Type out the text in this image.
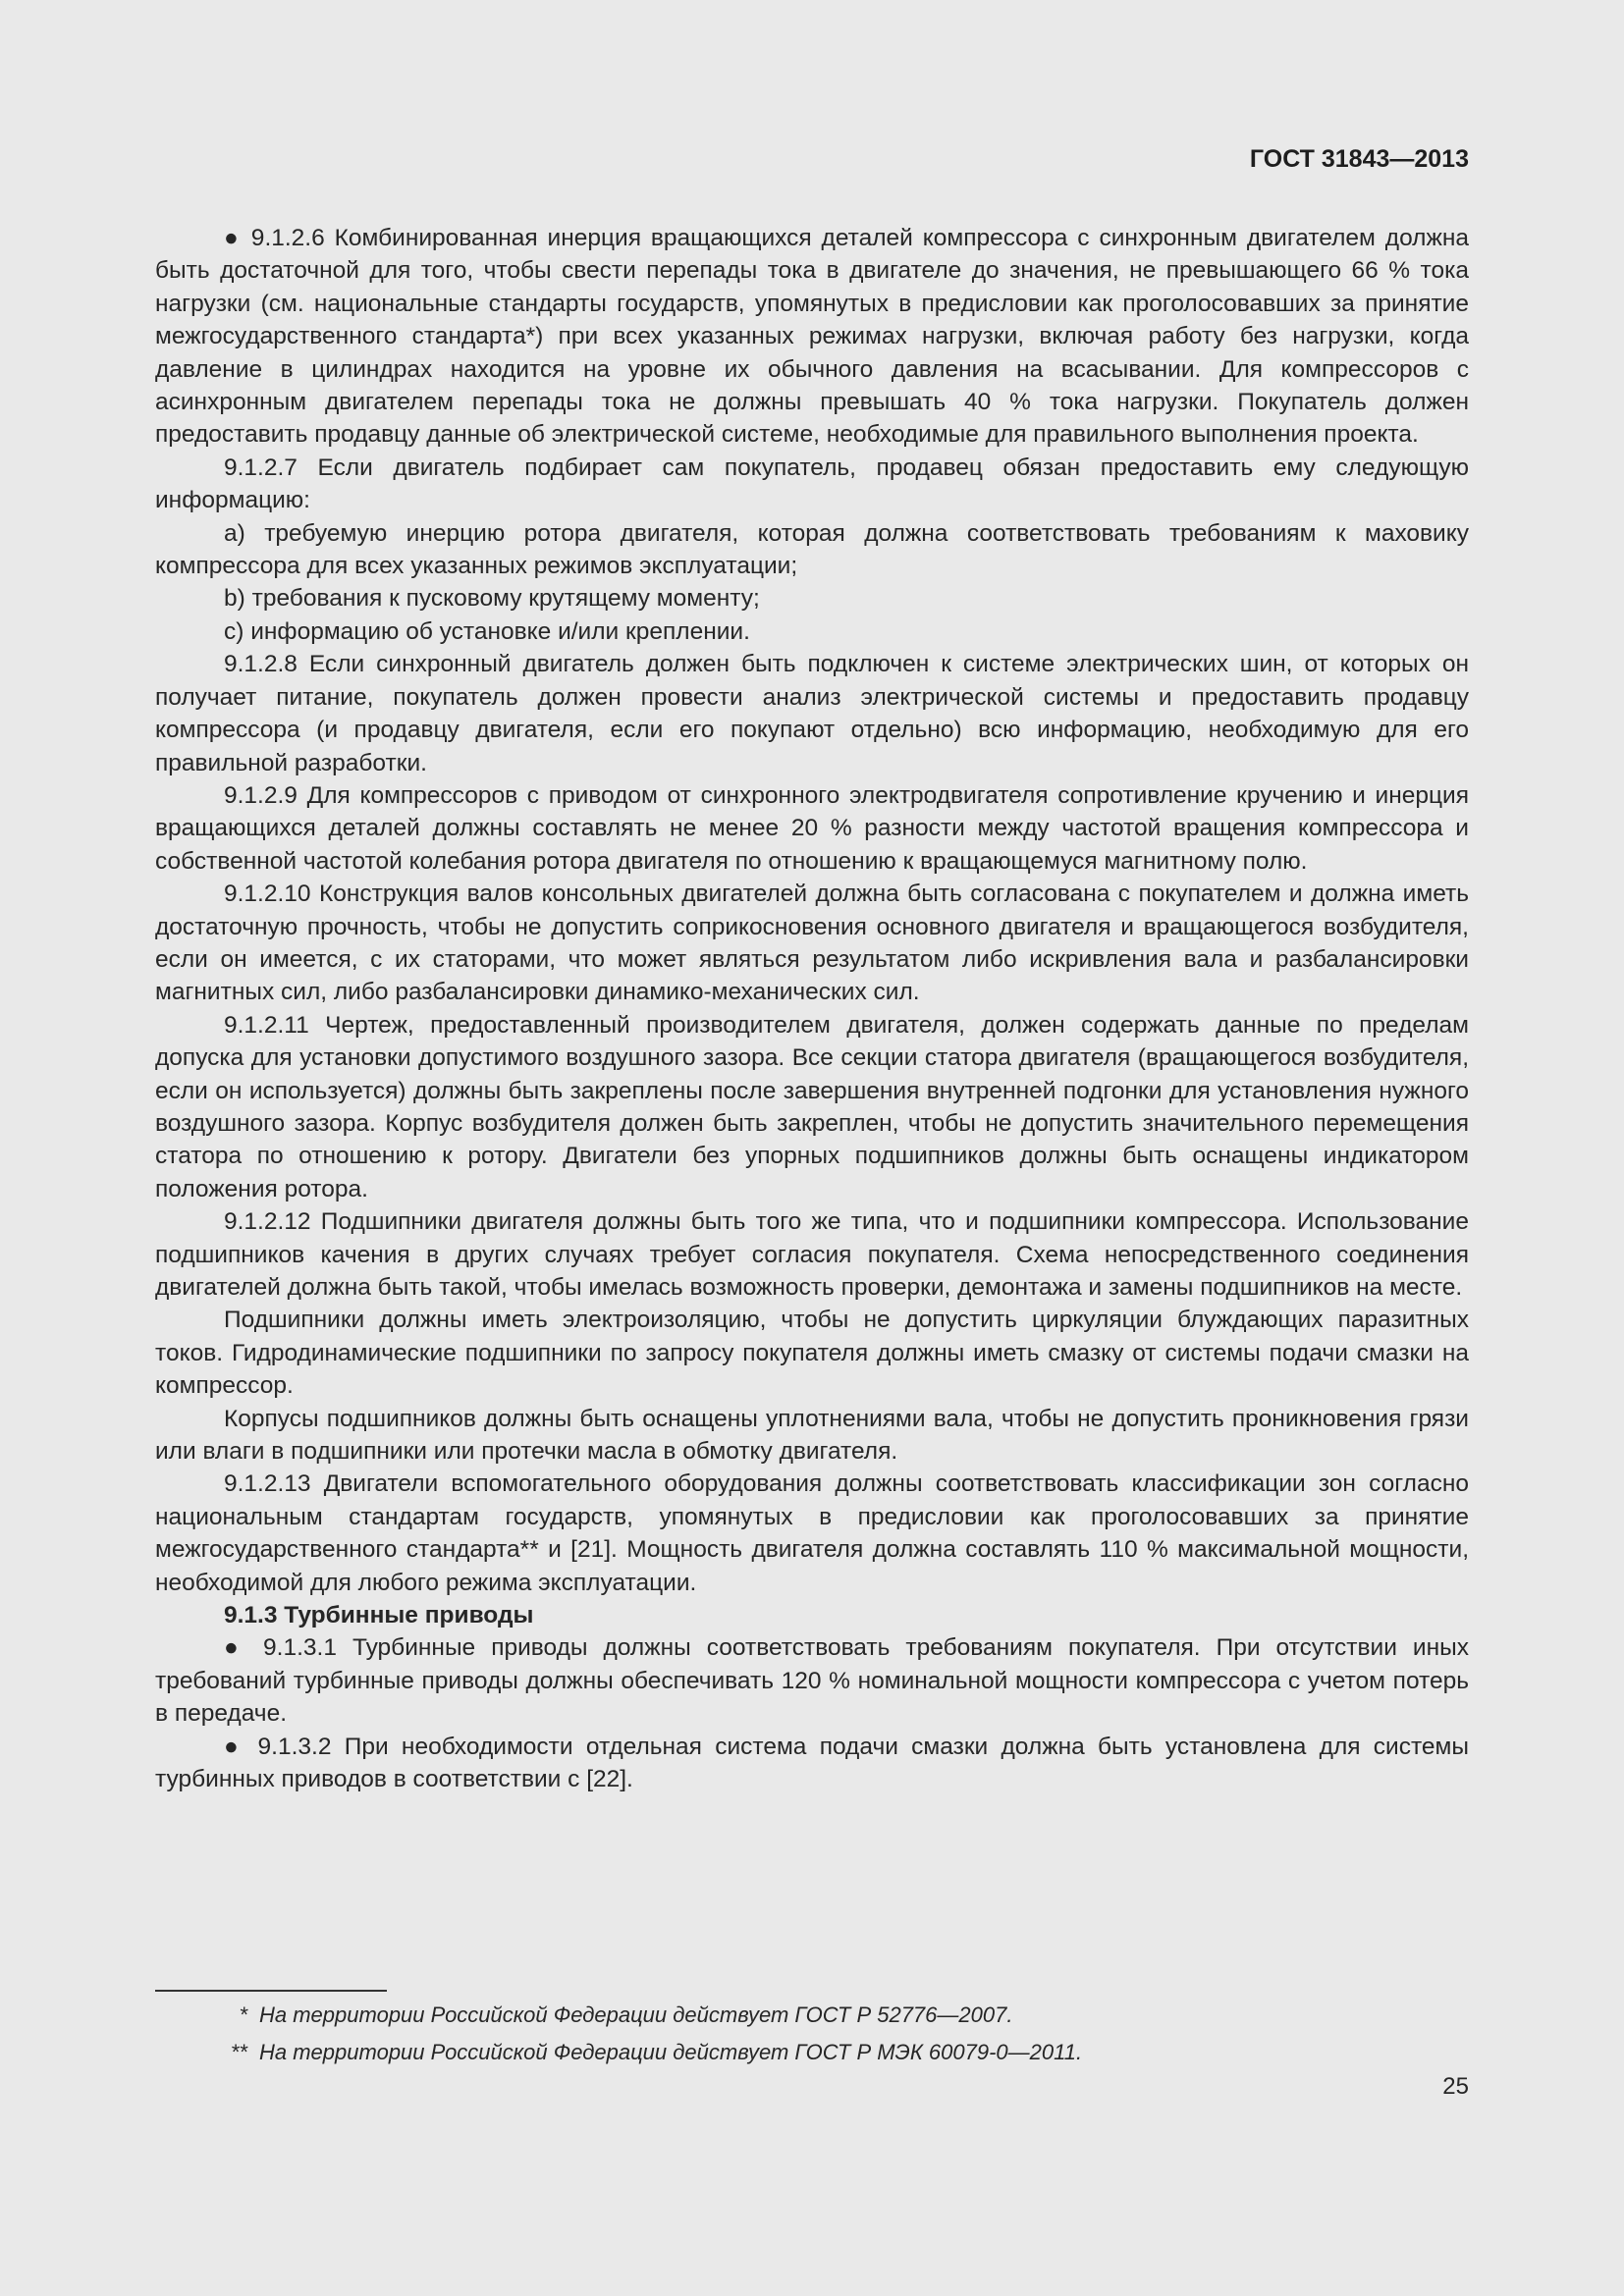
ГОСТ 31843—2013

● 9.1.2.6 Комбинированная инерция вращающихся деталей компрессора с синхронным двигателем должна быть достаточной для того, чтобы свести перепады тока в двигателе до значения, не превышающего 66 % тока нагрузки (см. национальные стандарты государств, упомянутых в предисловии как проголосовавших за принятие межгосударственного стандарта*) при всех указанных режимах нагрузки, включая работу без нагрузки, когда давление в цилиндрах находится на уровне их обычного давления на всасывании. Для компрессоров с асинхронным двигателем перепады тока не должны превышать 40 % тока нагрузки. Покупатель должен предоставить продавцу данные об электрической системе, необходимые для правильного выполнения проекта.

9.1.2.7 Если двигатель подбирает сам покупатель, продавец обязан предоставить ему следующую информацию:

a) требуемую инерцию ротора двигателя, которая должна соответствовать требованиям к маховику компрессора для всех указанных режимов эксплуатации;

b) требования к пусковому крутящему моменту;

c) информацию об установке и/или креплении.

9.1.2.8 Если синхронный двигатель должен быть подключен к системе электрических шин, от которых он получает питание, покупатель должен провести анализ электрической системы и предоставить продавцу компрессора (и продавцу двигателя, если его покупают отдельно) всю информацию, необходимую для его правильной разработки.

9.1.2.9 Для компрессоров с приводом от синхронного электродвигателя сопротивление кручению и инерция вращающихся деталей должны составлять не менее 20 % разности между частотой вращения компрессора и собственной частотой колебания ротора двигателя по отношению к вращающемуся магнитному полю.

9.1.2.10 Конструкция валов консольных двигателей должна быть согласована с покупателем и должна иметь достаточную прочность, чтобы не допустить соприкосновения основного двигателя и вращающегося возбудителя, если он имеется, с их статорами, что может являться результатом либо искривления вала и разбалансировки магнитных сил, либо разбалансировки динамико-механических сил.

9.1.2.11 Чертеж, предоставленный производителем двигателя, должен содержать данные по пределам допуска для установки допустимого воздушного зазора. Все секции статора двигателя (вращающегося возбудителя, если он используется) должны быть закреплены после завершения внутренней подгонки для установления нужного воздушного зазора. Корпус возбудителя должен быть закреплен, чтобы не допустить значительного перемещения статора по отношению к ротору. Двигатели без упорных подшипников должны быть оснащены индикатором положения ротора.

9.1.2.12 Подшипники двигателя должны быть того же типа, что и подшипники компрессора. Использование подшипников качения в других случаях требует согласия покупателя. Схема непосредственного соединения двигателей должна быть такой, чтобы имелась возможность проверки, демонтажа и замены подшипников на месте.

Подшипники должны иметь электроизоляцию, чтобы не допустить циркуляции блуждающих паразитных токов. Гидродинамические подшипники по запросу покупателя должны иметь смазку от системы подачи смазки на компрессор.

Корпусы подшипников должны быть оснащены уплотнениями вала, чтобы не допустить проникновения грязи или влаги в подшипники или протечки масла в обмотку двигателя.

9.1.2.13 Двигатели вспомогательного оборудования должны соответствовать классификации зон согласно национальным стандартам государств, упомянутых в предисловии как проголосовавших за принятие межгосударственного стандарта** и [21]. Мощность двигателя должна составлять 110 % максимальной мощности, необходимой для любого режима эксплуатации.

9.1.3 Турбинные приводы

● 9.1.3.1 Турбинные приводы должны соответствовать требованиям покупателя. При отсутствии иных требований турбинные приводы должны обеспечивать 120 % номинальной мощности компрессора с учетом потерь в передаче.

● 9.1.3.2 При необходимости отдельная система подачи смазки должна быть установлена для системы турбинных приводов в соответствии с [22].

* На территории Российской Федерации действует ГОСТ Р 52776—2007.

** На территории Российской Федерации действует ГОСТ Р МЭК 60079-0—2011.

25
